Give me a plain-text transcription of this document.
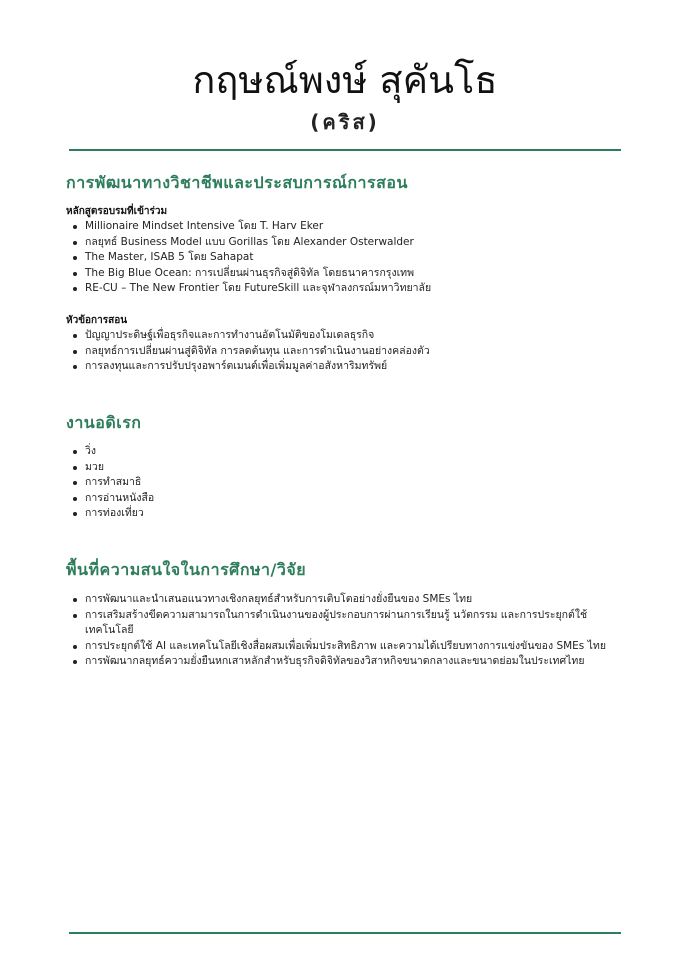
กฤษณ์พงษ์ สุคันโธ
(คริส)
การพัฒนาทางวิชาชีพและประสบการณ์การสอน
หลักสูตรอบรมที่เข้าร่วม
Millionaire Mindset Intensive โดย T. Harv Eker
กลยุทธ์ Business Model แบบ Gorillas โดย Alexander Osterwalder
The Master, ISAB 5 โดย Sahapat
The Big Blue Ocean: การเปลี่ยนผ่านธุรกิจสู่ดิจิทัล โดยธนาคารกรุงเทพ
RE-CU – The New Frontier โดย FutureSkill และจุฬาลงกรณ์มหาวิทยาลัย
หัวข้อการสอน
ปัญญาประดิษฐ์เพื่อธุรกิจและการทำงานอัตโนมัติของโมเดลธุรกิจ
กลยุทธ์การเปลี่ยนผ่านสู่ดิจิทัล การลดต้นทุน และการดำเนินงานอย่างคล่องตัว
การลงทุนและการปรับปรุงอพาร์ตเมนต์เพื่อเพิ่มมูลค่าอสังหาริมทรัพย์
งานอดิเรก
วิ่ง
มวย
การทำสมาธิ
การอ่านหนังสือ
การท่องเที่ยว
พื้นที่ความสนใจในการศึกษา/วิจัย
การพัฒนาและนำเสนอแนวทางเชิงกลยุทธ์สำหรับการเติบโตอย่างยั่งยืนของ SMEs ไทย
การเสริมสร้างขีดความสามารถในการดำเนินงานของผู้ประกอบการผ่านการเรียนรู้ นวัตกรรม และการประยุกต์ใช้เทคโนโลยี
การประยุกต์ใช้ AI และเทคโนโลยีเชิงสื่อผสมเพื่อเพิ่มประสิทธิภาพ และความได้เปรียบทางการแข่งขันของ SMEs ไทย
การพัฒนากลยุทธ์ความยั่งยืนหกเสาหลักสำหรับธุรกิจดิจิทัลของวิสาหกิจขนาดกลางและขนาดย่อมในประเทศไทย
